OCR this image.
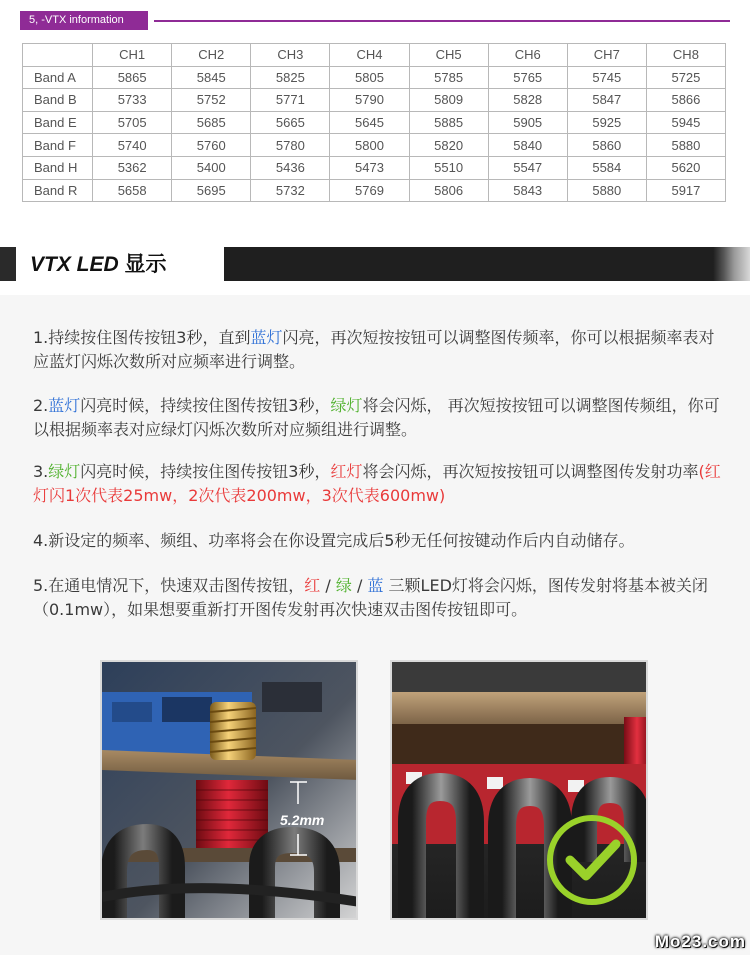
5, -VTX information
	CH1	CH2	CH3	CH4	CH5	CH6	CH7	CH8
Band A	5865	5845	5825	5805	5785	5765	5745	5725
Band B	5733	5752	5771	5790	5809	5828	5847	5866
Band E	5705	5685	5665	5645	5885	5905	5925	5945
Band F	5740	5760	5780	5800	5820	5840	5860	5880
Band H	5362	5400	5436	5473	5510	5547	5584	5620
Band R	5658	5695	5732	5769	5806	5843	5880	5917
VTX LED 显示
1.持续按住图传按钮3秒，直到蓝灯闪亮，再次短按按钮可以调整图传频率，你可以根据频率表对应蓝灯闪烁次数所对应频率进行调整。
2.蓝灯闪亮时候，持续按住图传按钮3秒，绿灯将会闪烁， 再次短按按钮可以调整图传频组，你可以根据频率表对应绿灯闪烁次数所对应频组进行调整。
3.绿灯闪亮时候，持续按住图传按钮3秒，红灯将会闪烁，再次短按按钮可以调整图传发射功率(红灯闪1次代表25mw，2次代表200mw，3次代表600mw)
4.新设定的频率、频组、功率将会在你设置完成后5秒无任何按键动作后内自动储存。
5.在通电情况下，快速双击图传按钮，红 / 绿 / 蓝 三颗LED灯将会闪烁，图传发射将基本被关闭（0.1mw），如果想要重新打开图传发射再次快速双击图传按钮即可。
5.2mm
Mo23.com
